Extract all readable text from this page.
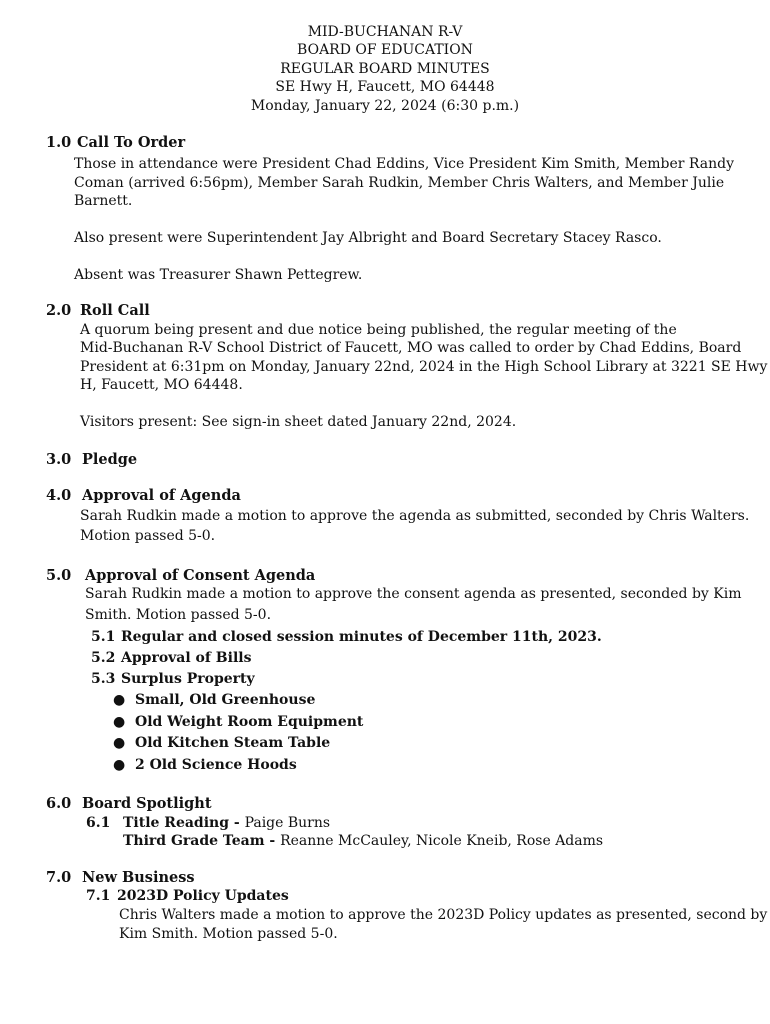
MID-BUCHANAN R-V
BOARD OF EDUCATION
REGULAR BOARD MINUTES
SE Hwy H, Faucett, MO 64448
Monday, January 22, 2024 (6:30 p.m.)
1.0 Call To Order
Those in attendance were President Chad Eddins, Vice President Kim Smith, Member Randy
Coman (arrived 6:56pm), Member Sarah Rudkin, Member Chris Walters, and Member Julie
Barnett.
Also present were Superintendent Jay Albright and Board Secretary Stacey Rasco.
Absent was Treasurer Shawn Pettegrew.
2.0 Roll Call
A quorum being present and due notice being published, the regular meeting of the
Mid-Buchanan R-V School District of Faucett, MO was called to order by Chad Eddins, Board
President at 6:31pm on Monday, January 22nd, 2024 in the High School Library at 3221 SE Hwy
H, Faucett, MO 64448.
Visitors present: See sign-in sheet dated January 22nd, 2024.
3.0 Pledge
4.0 Approval of Agenda
Sarah Rudkin made a motion to approve the agenda as submitted, seconded by Chris Walters.
Motion passed 5-0.
5.0 Approval of Consent Agenda
Sarah Rudkin made a motion to approve the consent agenda as presented, seconded by Kim
Smith. Motion passed 5-0.
5.1 Regular and closed session minutes of December 11th, 2023.
5.2 Approval of Bills
5.3 Surplus Property
● Small, Old Greenhouse
● Old Weight Room Equipment
● Old Kitchen Steam Table
● 2 Old Science Hoods
6.0 Board Spotlight
6.1 Title Reading - Paige Burns
Third Grade Team - Reanne McCauley, Nicole Kneib, Rose Adams
7.0 New Business
7.1 2023D Policy Updates
Chris Walters made a motion to approve the 2023D Policy updates as presented, second by
Kim Smith. Motion passed 5-0.
